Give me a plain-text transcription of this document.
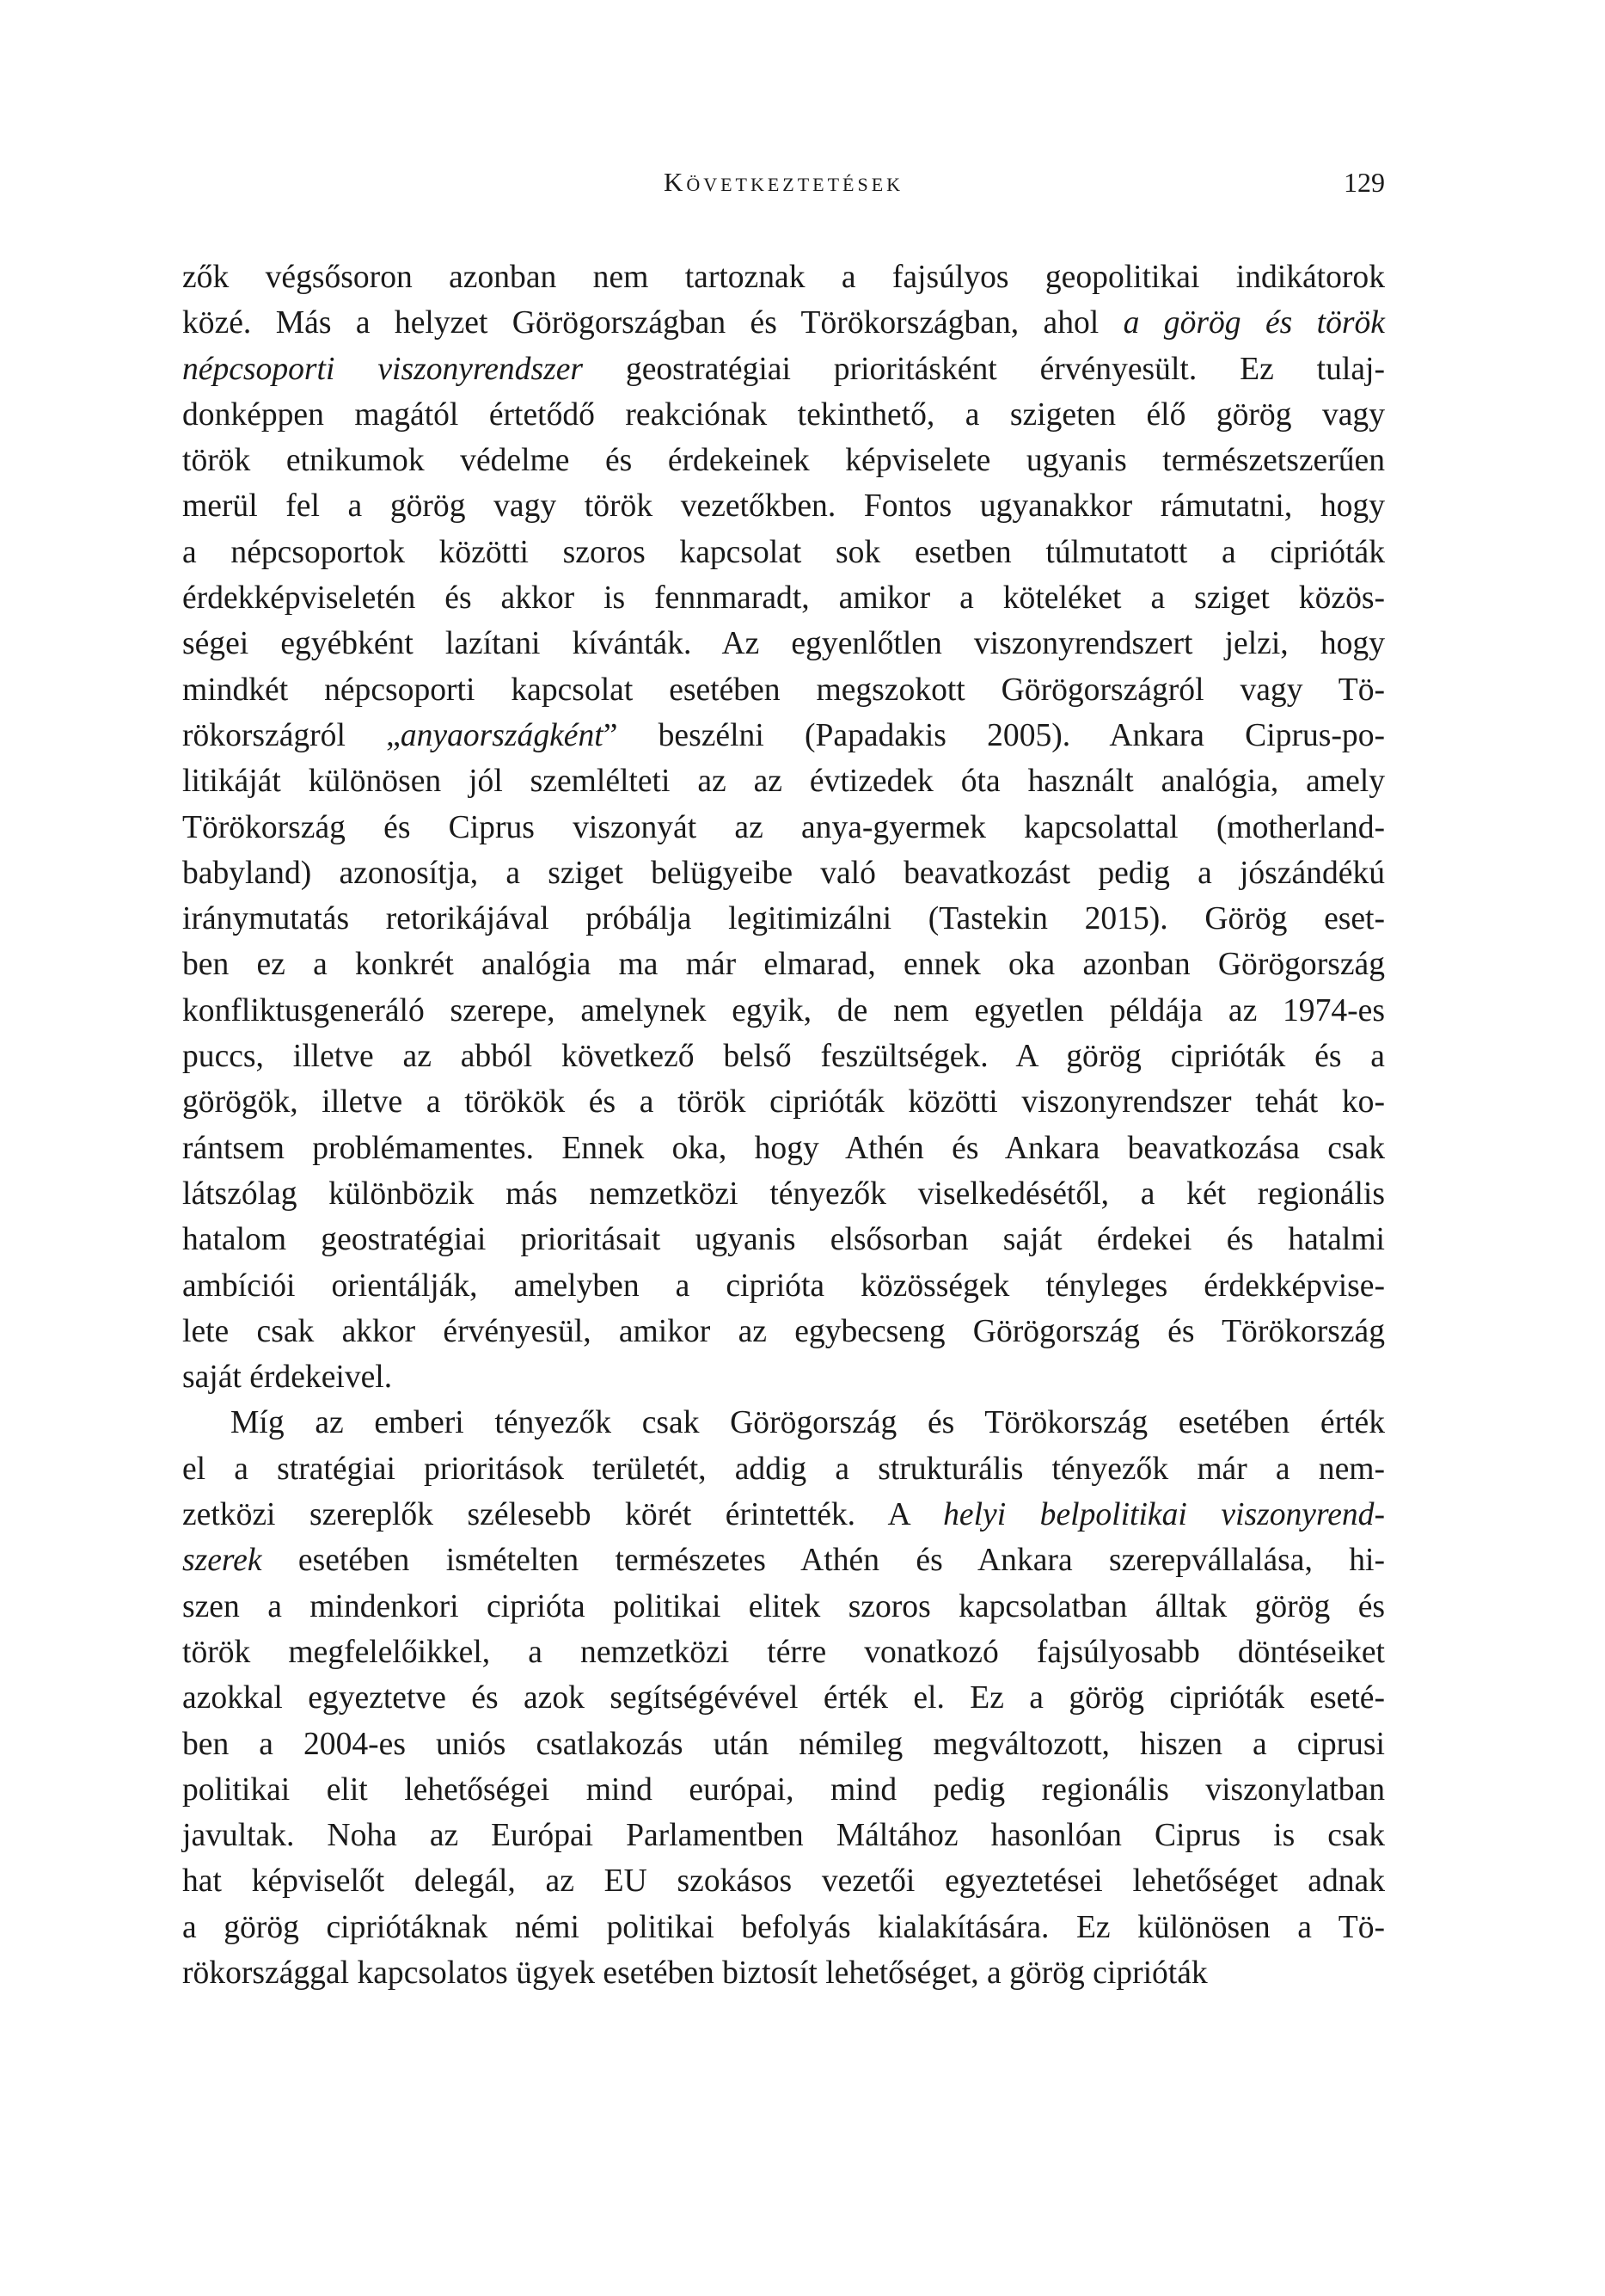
Következtetések	129
zők végsősoron azonban nem tartoznak a fajsúlyos geopolitikai indikátorok
közé. Más a helyzet Görögországban és Törökországban, ahol a görög és török
népcsoporti viszonyrendszer geostratégiai prioritásként érvényesült. Ez tulaj-
donképpen magától értetődő reakciónak tekinthető, a szigeten élő görög vagy
török etnikumok védelme és érdekeinek képviselete ugyanis természetszerűen
merül fel a görög vagy török vezetőkben. Fontos ugyanakkor rámutatni, hogy
a népcsoportok közötti szoros kapcsolat sok esetben túlmutatott a ciprióták
érdekképviseletén és akkor is fennmaradt, amikor a köteléket a sziget közös-
ségei egyébként lazítani kívánták. Az egyenlőtlen viszonyrendszert jelzi, hogy
mindkét népcsoporti kapcsolat esetében megszokott Görögországról vagy Tö-
rökországról „anyaországként” beszélni (Papadakis 2005). Ankara Ciprus-po-
litikáját különösen jól szemlélteti az az évtizedek óta használt analógia, amely
Törökország és Ciprus viszonyát az anya-gyermek kapcsolattal (motherland-
babyland) azonosítja, a sziget belügyeibe való beavatkozást pedig a jószándékú
iránymutatás retorikájával próbálja legitimizálni (Tastekin 2015). Görög eset-
ben ez a konkrét analógia ma már elmarad, ennek oka azonban Görögország
konfliktusgeneráló szerepe, amelynek egyik, de nem egyetlen példája az 1974-es
puccs, illetve az abból következő belső feszültségek. A görög ciprióták és a
görögök, illetve a törökök és a török ciprióták közötti viszonyrendszer tehát ko-
rántsem problémamentes. Ennek oka, hogy Athén és Ankara beavatkozása csak
látszólag különbözik más nemzetközi tényezők viselkedésétől, a két regionális
hatalom geostratégiai prioritásait ugyanis elsősorban saját érdekei és hatalmi
ambíciói orientálják, amelyben a ciprióta közösségek tényleges érdekképvise-
lete csak akkor érvényesül, amikor az egybecseng Görögország és Törökország
saját érdekeivel.
Míg az emberi tényezők csak Görögország és Törökország esetében érték
el a stratégiai prioritások területét, addig a strukturális tényezők már a nem-
zetközi szereplők szélesebb körét érintették. A helyi belpolitikai viszonyrend-
szerek esetében ismételten természetes Athén és Ankara szerepvállalása, hi-
szen a mindenkori ciprióta politikai elitek szoros kapcsolatban álltak görög és
török megfelelőikkel, a nemzetközi térre vonatkozó fajsúlyosabb döntéseiket
azokkal egyeztetve és azok segítségévével érték el. Ez a görög ciprióták eseté-
ben a 2004-es uniós csatlakozás után némileg megváltozott, hiszen a ciprusi
politikai elit lehetőségei mind európai, mind pedig regionális viszonylatban
javultak. Noha az Európai Parlamentben Máltához hasonlóan Ciprus is csak
hat képviselőt delegál, az EU szokásos vezetői egyeztetései lehetőséget adnak
a görög cipriótáknak némi politikai befolyás kialakítására. Ez különösen a Tö-
rökországgal kapcsolatos ügyek esetében biztosít lehetőséget, a görög ciprióták
